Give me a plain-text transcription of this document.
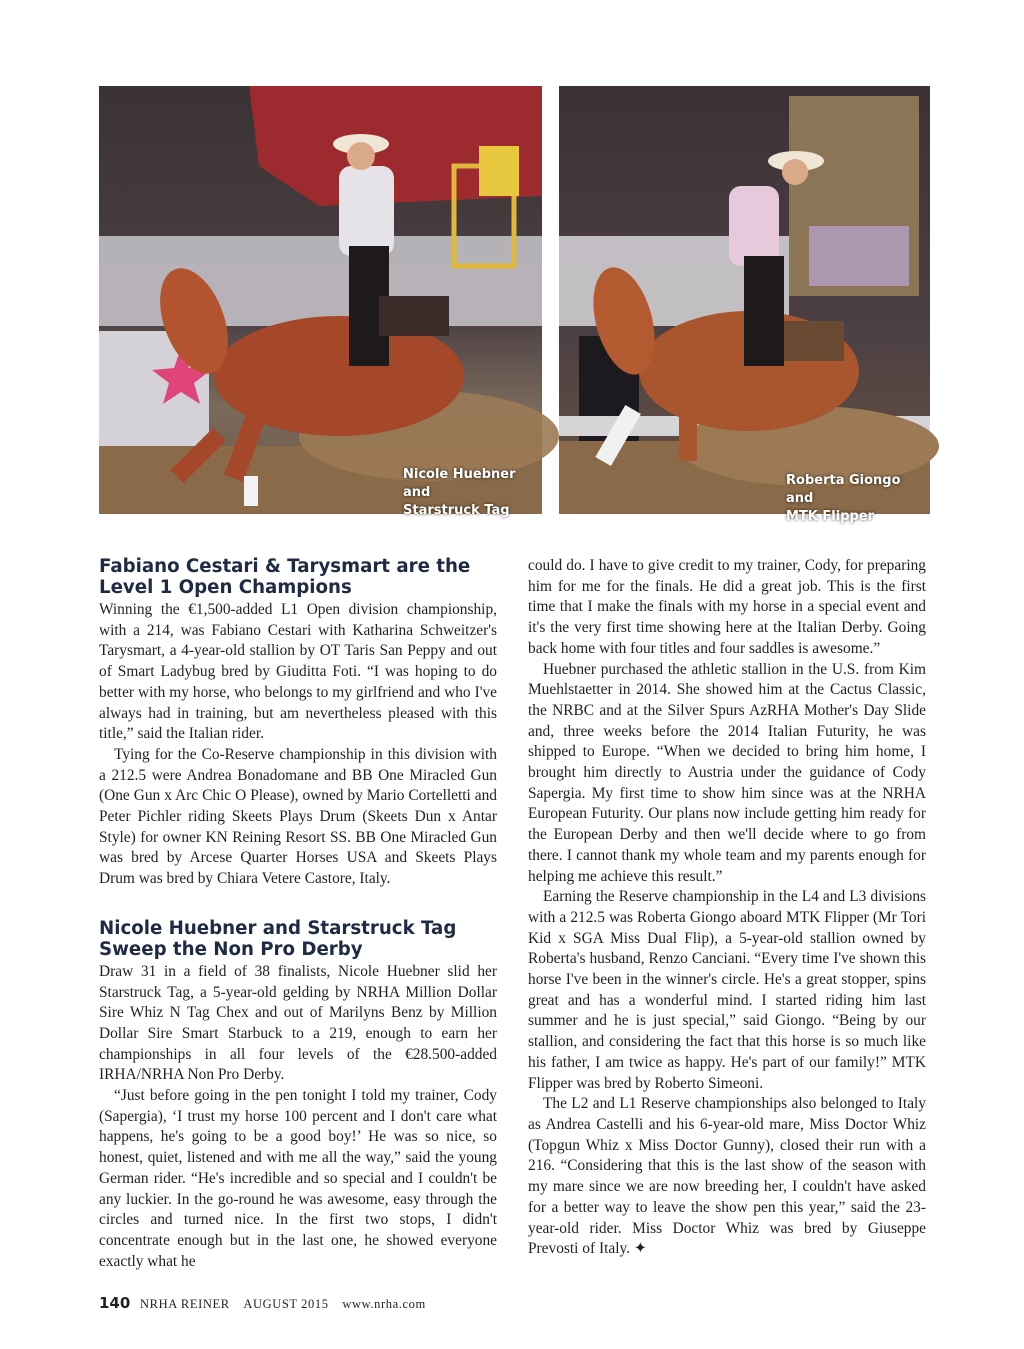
Nicole Huebner and
Starstruck Tag
Roberta Giongo and
MTK Flipper
Fabiano Cestari & Tarysmart are the Level 1 Open Champions

Winning the €1,500-added L1 Open division championship, with a 214, was Fabiano Cestari with Katharina Schweitzer's Tarysmart, a 4-year-old stallion by OT Taris San Peppy and out of Smart Ladybug bred by Giuditta Foti. “I was hoping to do better with my horse, who belongs to my girlfriend and who I've always had in training, but am nevertheless pleased with this title,” said the Italian rider.

Tying for the Co-Reserve championship in this division with a 212.5 were Andrea Bonadomane and BB One Miracled Gun (One Gun x Arc Chic O Please), owned by Mario Cortelletti and Peter Pichler riding Skeets Plays Drum (Skeets Dun x Antar Style) for owner KN Reining Resort SS. BB One Miracled Gun was bred by Arcese Quarter Horses USA and Skeets Plays Drum was bred by Chiara Vetere Castore, Italy.

Nicole Huebner and Starstruck Tag Sweep the Non Pro Derby

Draw 31 in a field of 38 finalists, Nicole Huebner slid her Starstruck Tag, a 5-year-old gelding by NRHA Million Dollar Sire Whiz N Tag Chex and out of Marilyns Benz by Million Dollar Sire Smart Starbuck to a 219, enough to earn her championships in all four levels of the €28.500-added IRHA/NRHA Non Pro Derby.

“Just before going in the pen tonight I told my trainer, Cody (Sapergia), ‘I trust my horse 100 percent and I don't care what happens, he's going to be a good boy!’ He was so nice, so honest, quiet, listened and with me all the way,” said the young German rider. “He's incredible and so special and I couldn't be any luckier. In the go-round he was awesome, easy through the circles and turned nice. In the first two stops, I didn't concentrate enough but in the last one, he showed everyone exactly what he

could do. I have to give credit to my trainer, Cody, for preparing him for me for the finals. He did a great job. This is the first time that I make the finals with my horse in a special event and it's the very first time showing here at the Italian Derby. Going back home with four titles and four saddles is awesome.”

Huebner purchased the athletic stallion in the U.S. from Kim Muehlstaetter in 2014. She showed him at the Cactus Classic, the NRBC and at the Silver Spurs AzRHA Mother's Day Slide and, three weeks before the 2014 Italian Futurity, he was shipped to Europe. “When we decided to bring him home, I brought him directly to Austria under the guidance of Cody Sapergia. My first time to show him since was at the NRHA European Futurity. Our plans now include getting him ready for the European Derby and then we'll decide where to go from there. I cannot thank my whole team and my parents enough for helping me achieve this result.”

Earning the Reserve championship in the L4 and L3 divisions with a 212.5 was Roberta Giongo aboard MTK Flipper (Mr Tori Kid x SGA Miss Dual Flip), a 5-year-old stallion owned by Roberta's husband, Renzo Canciani. “Every time I've shown this horse I've been in the winner's circle. He's a great stopper, spins great and has a wonderful mind. I started riding him last summer and he is just special,” said Giongo. “Being by our stallion, and considering the fact that this horse is so much like his father, I am twice as happy. He's part of our family!” MTK Flipper was bred by Roberto Simeoni.

The L2 and L1 Reserve championships also belonged to Italy as Andrea Castelli and his 6-year-old mare, Miss Doctor Whiz (Topgun Whiz x Miss Doctor Gunny), closed their run with a 216. “Considering that this is the last show of the season with my mare since we are now breeding her, I couldn't have asked for a better way to leave the show pen this year,” said the 23-year-old rider. Miss Doctor Whiz was bred by Giuseppe Prevosti of Italy. ✦

140 NRHA REINER AUGUST 2015 www.nrha.com
